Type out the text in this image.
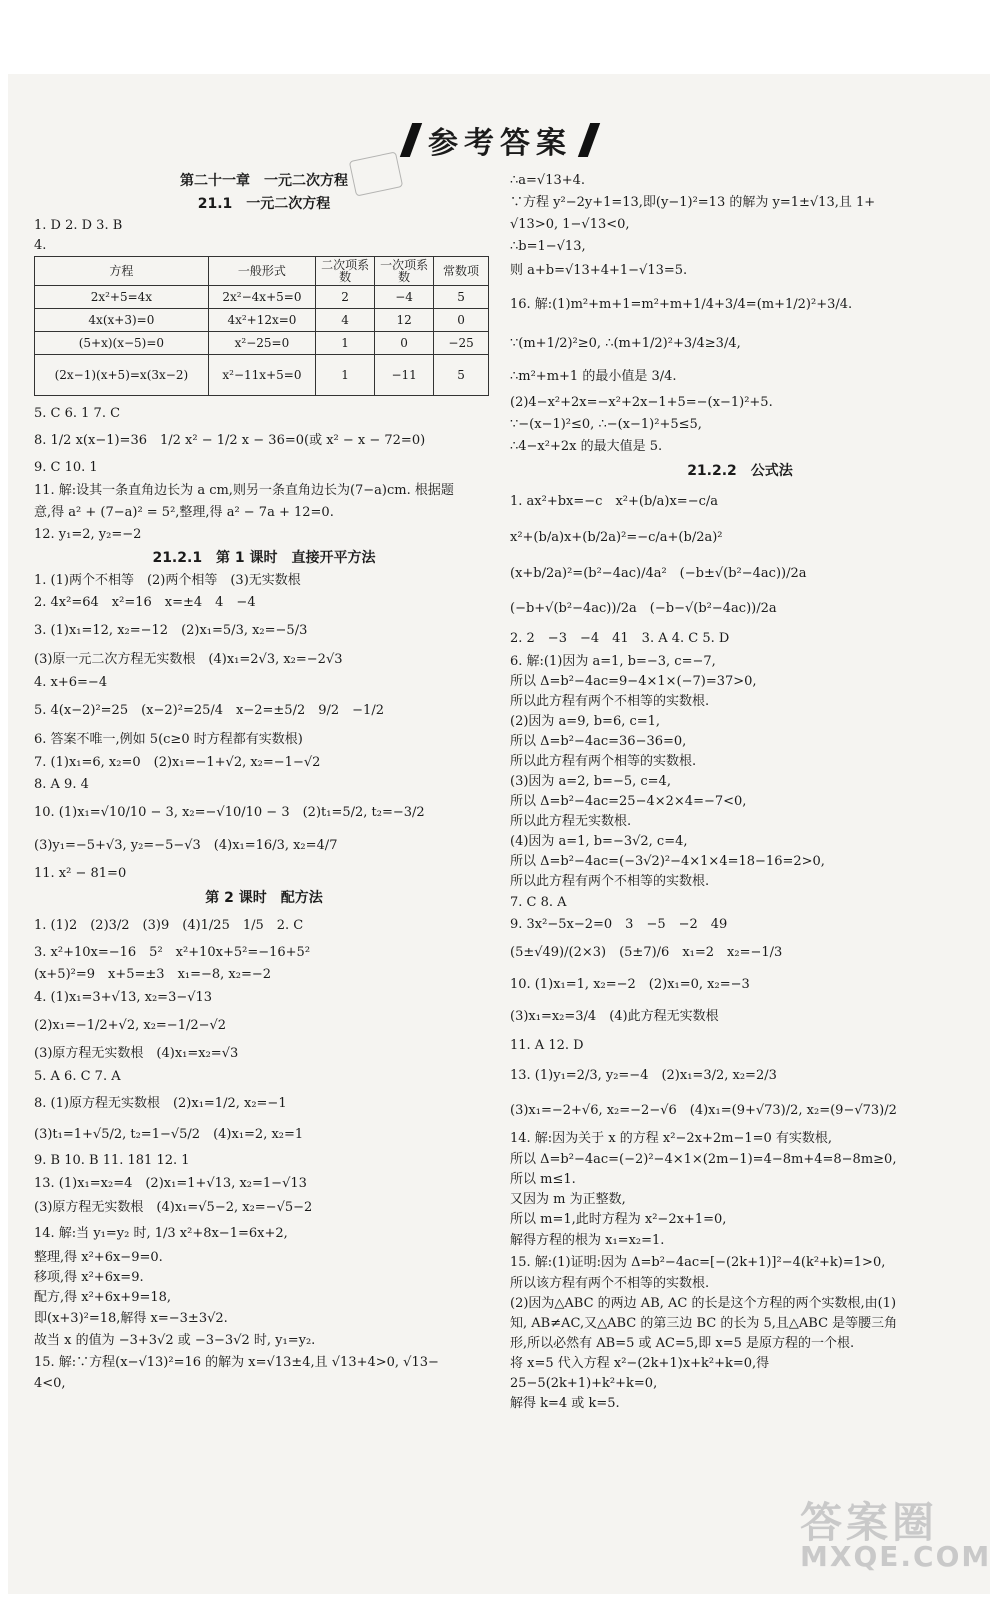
参考答案
第二十一章　一元二次方程
21.1　一元二次方程
1. D 2. D 3. B
4.
方程	一般形式	二次项系数	一次项系数	常数项
2x²+5=4x	2x²−4x+5=0	2	−4	5
4x(x+3)=0	4x²+12x=0	4	12	0
(5+x)(x−5)=0	x²−25=0	1	0	−25
(2x−1)(x+5)=x(3x−2)	x²−11x+5=0	1	−11	5
5. C 6. 1 7. C
8. 1/2 x(x−1)=36　1/2 x² − 1/2 x − 36=0(或 x² − x − 72=0)
9. C 10. 1
11. 解:设其一条直角边长为 a cm,则另一条直角边长为(7−a)cm. 根据题
意,得 a² + (7−a)² = 5²,整理,得 a² − 7a + 12=0.
12. y₁=2, y₂=−2
21.2.1　第 1 课时　直接开平方法
1. (1)两个不相等　(2)两个相等　(3)无实数根
2. 4x²=64　x²=16　x=±4　4　−4
3. (1)x₁=12, x₂=−12　(2)x₁=5/3, x₂=−5/3
(3)原一元二次方程无实数根　(4)x₁=2√3, x₂=−2√3
4. x+6=−4
5. 4(x−2)²=25　(x−2)²=25/4　x−2=±5/2　9/2　−1/2
6. 答案不唯一,例如 5(c≥0 时方程都有实数根)
7. (1)x₁=6, x₂=0　(2)x₁=−1+√2, x₂=−1−√2
8. A 9. 4
10. (1)x₁=√10/10 − 3, x₂=−√10/10 − 3　(2)t₁=5/2, t₂=−3/2
(3)y₁=−5+√3, y₂=−5−√3　(4)x₁=16/3, x₂=4/7
11. x² − 81=0
第 2 课时　配方法
1. (1)2　(2)3/2　(3)9　(4)1/25　1/5　2. C
3. x²+10x=−16　5²　x²+10x+5²=−16+5²
(x+5)²=9　x+5=±3　x₁=−8, x₂=−2
4. (1)x₁=3+√13, x₂=3−√13
(2)x₁=−1/2+√2, x₂=−1/2−√2
(3)原方程无实数根　(4)x₁=x₂=√3
5. A 6. C 7. A
8. (1)原方程无实数根　(2)x₁=1/2, x₂=−1
(3)t₁=1+√5/2, t₂=1−√5/2　(4)x₁=2, x₂=1
9. B 10. B 11. 181 12. 1
13. (1)x₁=x₂=4　(2)x₁=1+√13, x₂=1−√13
(3)原方程无实数根　(4)x₁=√5−2, x₂=−√5−2
14. 解:当 y₁=y₂ 时, 1/3 x²+8x−1=6x+2,
整理,得 x²+6x−9=0.
移项,得 x²+6x=9.
配方,得 x²+6x+9=18,
即(x+3)²=18,解得 x=−3±3√2.
故当 x 的值为 −3+3√2 或 −3−3√2 时, y₁=y₂.
15. 解:∵方程(x−√13)²=16 的解为 x=√13±4,且 √13+4>0, √13−
4<0,
∴a=√13+4.
∵方程 y²−2y+1=13,即(y−1)²=13 的解为 y=1±√13,且 1+
√13>0, 1−√13<0,
∴b=1−√13,
则 a+b=√13+4+1−√13=5.
16. 解:(1)m²+m+1=m²+m+1/4+3/4=(m+1/2)²+3/4.
∵(m+1/2)²≥0, ∴(m+1/2)²+3/4≥3/4,
∴m²+m+1 的最小值是 3/4.
(2)4−x²+2x=−x²+2x−1+5=−(x−1)²+5.
∵−(x−1)²≤0, ∴−(x−1)²+5≤5,
∴4−x²+2x 的最大值是 5.
21.2.2　公式法
1. ax²+bx=−c　x²+(b/a)x=−c/a
x²+(b/a)x+(b/2a)²=−c/a+(b/2a)²
(x+b/2a)²=(b²−4ac)/4a²　(−b±√(b²−4ac))/2a
(−b+√(b²−4ac))/2a　(−b−√(b²−4ac))/2a
2. 2　−3　−4　41　3. A 4. C 5. D
6. 解:(1)因为 a=1, b=−3, c=−7,
所以 Δ=b²−4ac=9−4×1×(−7)=37>0,
所以此方程有两个不相等的实数根.
(2)因为 a=9, b=6, c=1,
所以 Δ=b²−4ac=36−36=0,
所以此方程有两个相等的实数根.
(3)因为 a=2, b=−5, c=4,
所以 Δ=b²−4ac=25−4×2×4=−7<0,
所以此方程无实数根.
(4)因为 a=1, b=−3√2, c=4,
所以 Δ=b²−4ac=(−3√2)²−4×1×4=18−16=2>0,
所以此方程有两个不相等的实数根.
7. C 8. A
9. 3x²−5x−2=0　3　−5　−2　49
(5±√49)/(2×3)　(5±7)/6　x₁=2　x₂=−1/3
10. (1)x₁=1, x₂=−2　(2)x₁=0, x₂=−3
(3)x₁=x₂=3/4　(4)此方程无实数根
11. A 12. D
13. (1)y₁=2/3, y₂=−4　(2)x₁=3/2, x₂=2/3
(3)x₁=−2+√6, x₂=−2−√6　(4)x₁=(9+√73)/2, x₂=(9−√73)/2
14. 解:因为关于 x 的方程 x²−2x+2m−1=0 有实数根,
所以 Δ=b²−4ac=(−2)²−4×1×(2m−1)=4−8m+4=8−8m≥0,
所以 m≤1.
又因为 m 为正整数,
所以 m=1,此时方程为 x²−2x+1=0,
解得方程的根为 x₁=x₂=1.
15. 解:(1)证明:因为 Δ=b²−4ac=[−(2k+1)]²−4(k²+k)=1>0,
所以该方程有两个不相等的实数根.
(2)因为△ABC 的两边 AB, AC 的长是这个方程的两个实数根,由(1)
知, AB≠AC,又△ABC 的第三边 BC 的长为 5,且△ABC 是等腰三角
形,所以必然有 AB=5 或 AC=5,即 x=5 是原方程的一个根.
将 x=5 代入方程 x²−(2k+1)x+k²+k=0,得
25−5(2k+1)+k²+k=0,
解得 k=4 或 k=5.
答案圈
MXQE.COM
